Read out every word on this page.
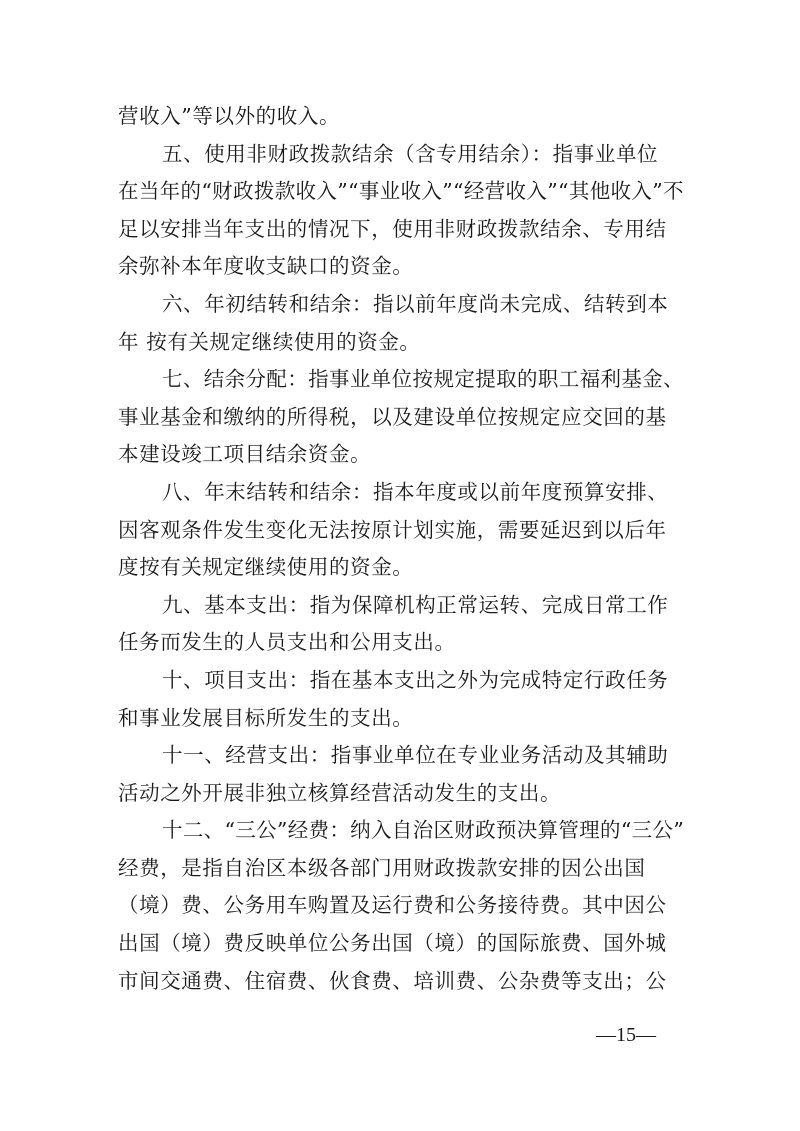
营收入”等以外的收入。
五、使用非财政拨款结余（含专用结余）：指事业单位
在当年的“财政拨款收入”“事业收入”“经营收入”“其他收入”不
足以安排当年支出的情况下，使用非财政拨款结余、专用结
余弥补本年度收支缺口的资金。
六、年初结转和结余：指以前年度尚未完成、结转到本
年 按有关规定继续使用的资金。
七、结余分配：指事业单位按规定提取的职工福利基金、
事业基金和缴纳的所得税，以及建设单位按规定应交回的基
本建设竣工项目结余资金。
八、年末结转和结余：指本年度或以前年度预算安排、
因客观条件发生变化无法按原计划实施，需要延迟到以后年
度按有关规定继续使用的资金。
九、基本支出：指为保障机构正常运转、完成日常工作
任务而发生的人员支出和公用支出。
十、项目支出：指在基本支出之外为完成特定行政任务
和事业发展目标所发生的支出。
十一、经营支出：指事业单位在专业业务活动及其辅助
活动之外开展非独立核算经营活动发生的支出。
十二、“三公”经费：纳入自治区财政预决算管理的“三公”
经费，是指自治区本级各部门用财政拨款安排的因公出国
（境）费、公务用车购置及运行费和公务接待费。其中因公
出国（境）费反映单位公务出国（境）的国际旅费、国外城
市间交通费、住宿费、伙食费、培训费、公杂费等支出；公

—15—
